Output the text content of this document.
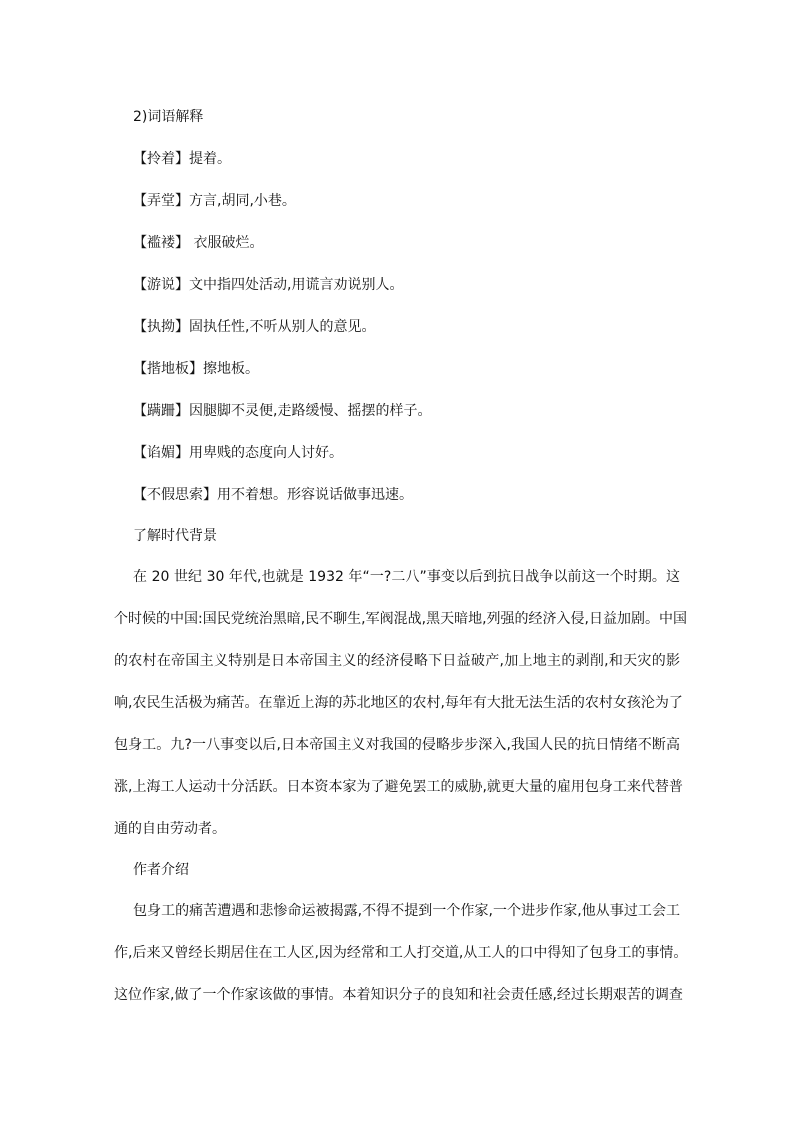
2)词语解释
【拎着】提着。
【弄堂】方言,胡同,小巷。
【褴褛】 衣服破烂。
【游说】文中指四处活动,用谎言劝说别人。
【执拗】固执任性,不听从别人的意见。
【揩地板】擦地板。
【蹒跚】因腿脚不灵便,走路缓慢、摇摆的样子。
【谄媚】用卑贱的态度向人讨好。
【不假思索】用不着想。形容说话做事迅速。
了解时代背景
在 20 世纪 30 年代,也就是 1932 年“一?二八”事变以后到抗日战争以前这一个时期。这
个时候的中国:国民党统治黑暗,民不聊生,军阀混战,黑天暗地,列强的经济入侵,日益加剧。中国
的农村在帝国主义特别是日本帝国主义的经济侵略下日益破产,加上地主的剥削,和天灾的影
响,农民生活极为痛苦。在靠近上海的苏北地区的农村,每年有大批无法生活的农村女孩沦为了
包身工。九?一八事变以后,日本帝国主义对我国的侵略步步深入,我国人民的抗日情绪不断高
涨,上海工人运动十分活跃。日本资本家为了避免罢工的威胁,就更大量的雇用包身工来代替普
通的自由劳动者。
作者介绍
包身工的痛苦遭遇和悲惨命运被揭露,不得不提到一个作家,一个进步作家,他从事过工会工
作,后来又曾经长期居住在工人区,因为经常和工人打交道,从工人的口中得知了包身工的事情。
这位作家,做了一个作家该做的事情。本着知识分子的良知和社会责任感,经过长期艰苦的调查
